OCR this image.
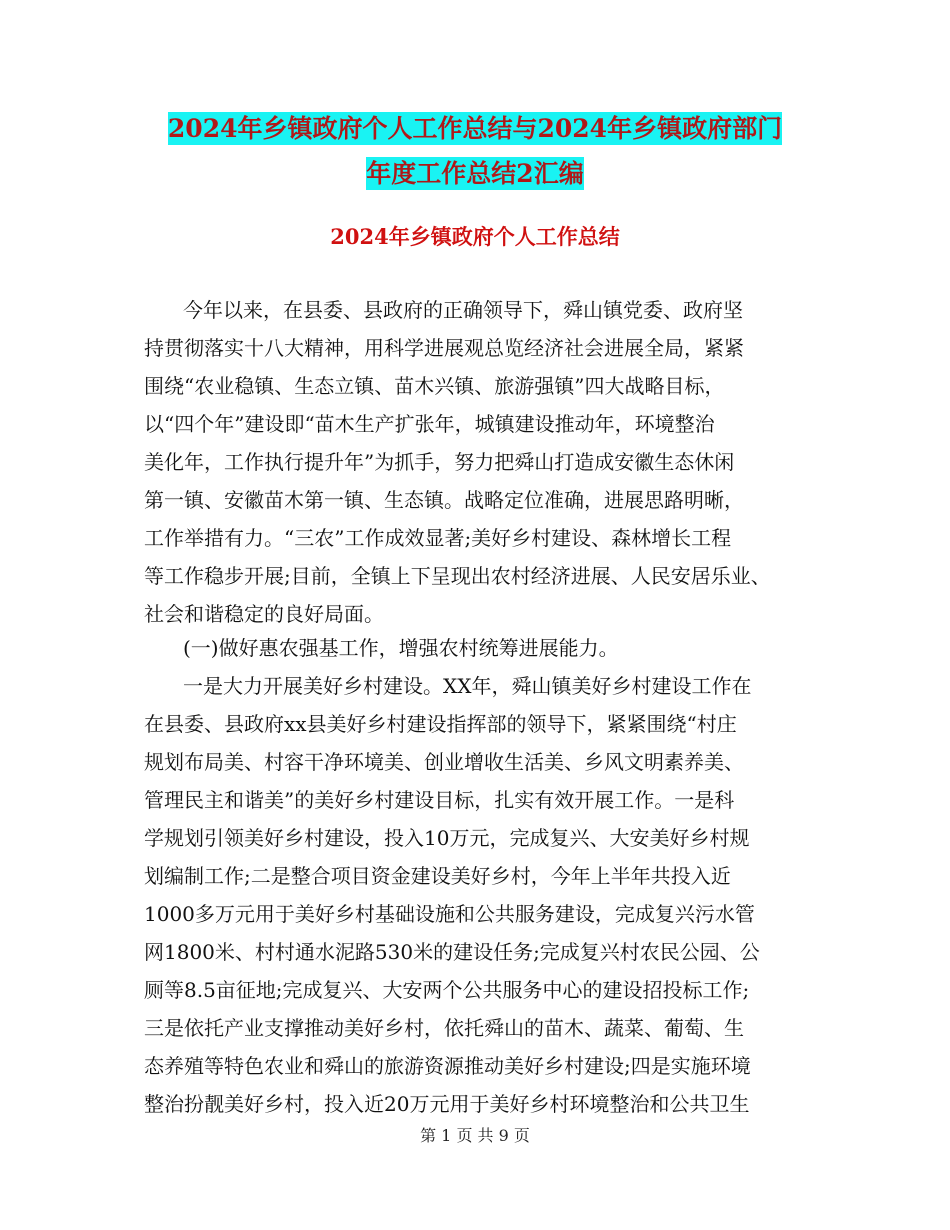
2024年乡镇政府个人工作总结与2024年乡镇政府部门
年度工作总结2汇编
2024年乡镇政府个人工作总结
今年以来，在县委、县政府的正确领导下，舜山镇党委、政府坚
持贯彻落实十八大精神，用科学进展观总览经济社会进展全局，紧紧
围绕“农业稳镇、生态立镇、苗木兴镇、旅游强镇”四大战略目标，
以“四个年”建设即“苗木生产扩张年，城镇建设推动年，环境整治
美化年，工作执行提升年”为抓手，努力把舜山打造成安徽生态休闲
第一镇、安徽苗木第一镇、生态镇。战略定位准确，进展思路明晰，
工作举措有力。“三农”工作成效显著;美好乡村建设、森林增长工程
等工作稳步开展;目前，全镇上下呈现出农村经济进展、人民安居乐业、
社会和谐稳定的良好局面。
(一)做好惠农强基工作，增强农村统筹进展能力。
一是大力开展美好乡村建设。XX年，舜山镇美好乡村建设工作在
在县委、县政府xx县美好乡村建设指挥部的领导下，紧紧围绕“村庄
规划布局美、村容干净环境美、创业增收生活美、乡风文明素养美、
管理民主和谐美”的美好乡村建设目标，扎实有效开展工作。一是科
学规划引领美好乡村建设，投入10万元，完成复兴、大安美好乡村规
划编制工作;二是整合项目资金建设美好乡村，今年上半年共投入近
1000多万元用于美好乡村基础设施和公共服务建设，完成复兴污水管
网1800米、村村通水泥路530米的建设任务;完成复兴村农民公园、公
厕等8.5亩征地;完成复兴、大安两个公共服务中心的建设招投标工作;
三是依托产业支撑推动美好乡村，依托舜山的苗木、蔬菜、葡萄、生
态养殖等特色农业和舜山的旅游资源推动美好乡村建设;四是实施环境
整治扮靓美好乡村，投入近20万元用于美好乡村环境整治和公共卫生
第 1 页 共 9 页
